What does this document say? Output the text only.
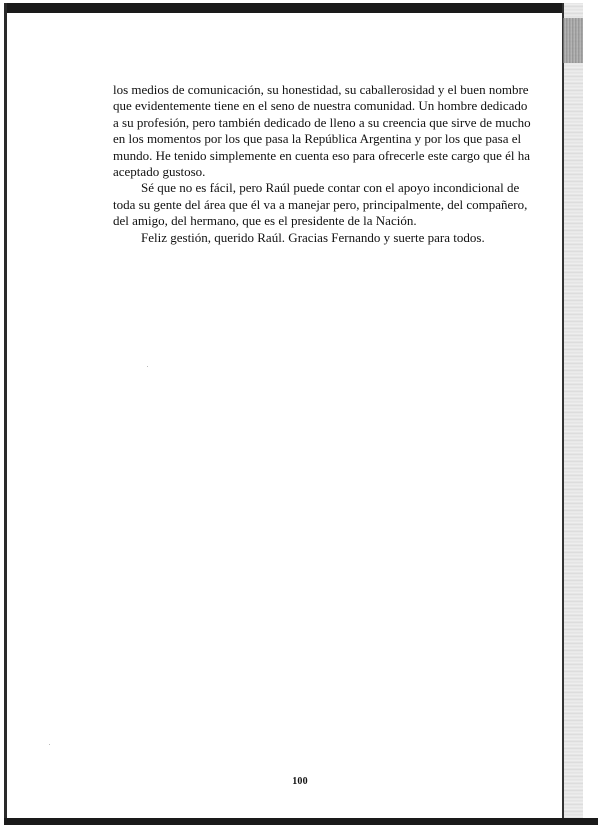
los medios de comunicación, su honestidad, su caballerosidad y el buen nombre que evidentemente tiene en el seno de nuestra comunidad. Un hombre dedicado a su profesión, pero también dedicado de lleno a su creencia que sirve de mucho en los momentos por los que pasa la República Argentina y por los que pasa el mundo. He tenido simplemente en cuenta eso para ofrecerle este cargo que él ha aceptado gustoso.

Sé que no es fácil, pero Raúl puede contar con el apoyo incondicional de toda su gente del área que él va a manejar pero, principalmente, del compañero, del amigo, del hermano, que es el presidente de la Nación.

Feliz gestión, querido Raúl. Gracias Fernando y suerte para todos.

100
